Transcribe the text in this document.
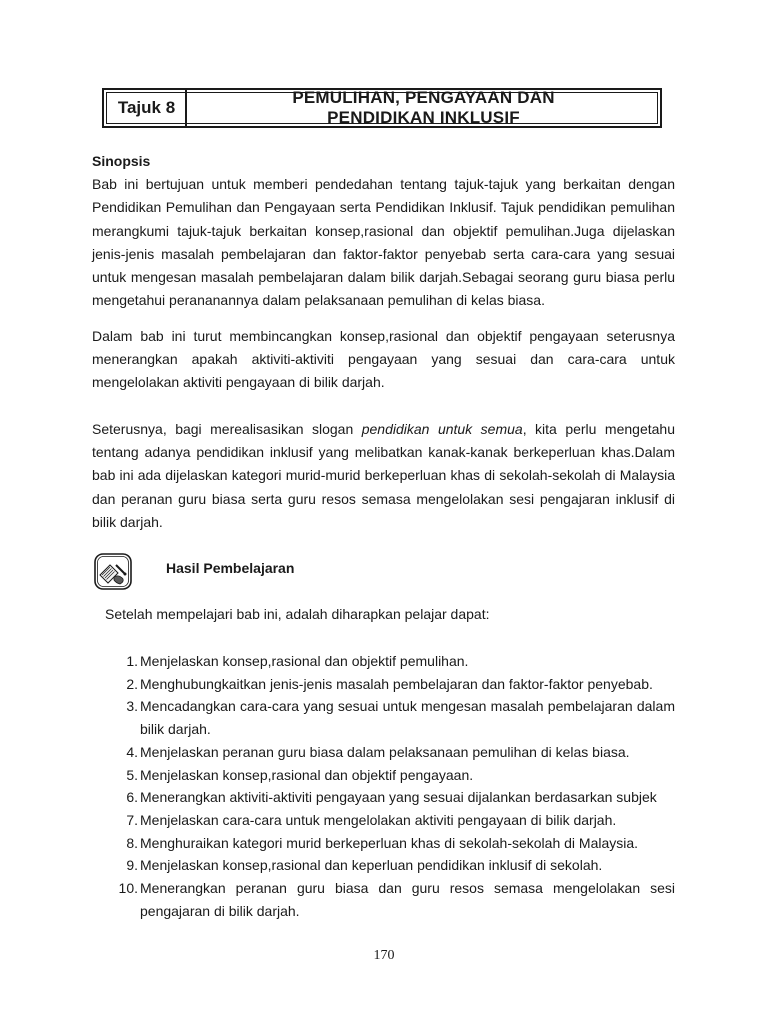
Tajuk 8
PEMULIHAN, PENGAYAAN DAN
PENDIDIKAN INKLUSIF
Sinopsis
Bab ini bertujuan untuk memberi pendedahan tentang tajuk-tajuk yang berkaitan dengan Pendidikan Pemulihan dan Pengayaan serta Pendidikan Inklusif. Tajuk pendidikan pemulihan merangkumi tajuk-tajuk berkaitan konsep,rasional dan objektif pemulihan.Juga dijelaskan jenis-jenis masalah pembelajaran dan faktor-faktor penyebab serta cara-cara yang sesuai untuk mengesan masalah pembelajaran dalam bilik darjah.Sebagai seorang guru biasa perlu mengetahui perananannya dalam pelaksanaan pemulihan di kelas biasa.
Dalam bab ini turut membincangkan konsep,rasional dan objektif pengayaan seterusnya menerangkan apakah aktiviti-aktiviti pengayaan yang sesuai dan cara-cara untuk mengelolakan aktiviti pengayaan di bilik darjah.
Seterusnya, bagi merealisasikan slogan pendidikan untuk semua, kita perlu mengetahu tentang adanya pendidikan inklusif yang melibatkan kanak-kanak berkeperluan khas.Dalam bab ini ada dijelaskan kategori murid-murid berkeperluan khas di sekolah-sekolah di Malaysia dan peranan guru biasa serta guru resos semasa mengelolakan sesi pengajaran inklusif di bilik darjah.
Hasil Pembelajaran
Setelah mempelajari bab ini, adalah diharapkan pelajar dapat:
1. Menjelaskan konsep,rasional dan objektif pemulihan.
2. Menghubungkaitkan jenis-jenis masalah pembelajaran dan faktor-faktor penyebab.
3. Mencadangkan cara-cara yang sesuai untuk mengesan masalah pembelajaran dalam bilik darjah.
4. Menjelaskan peranan guru biasa dalam pelaksanaan pemulihan di kelas biasa.
5. Menjelaskan konsep,rasional dan objektif pengayaan.
6. Menerangkan aktiviti-aktiviti pengayaan yang sesuai dijalankan berdasarkan subjek
7. Menjelaskan cara-cara untuk mengelolakan aktiviti pengayaan di bilik darjah.
8. Menghuraikan kategori murid berkeperluan khas di sekolah-sekolah di Malaysia.
9. Menjelaskan konsep,rasional dan keperluan pendidikan inklusif di sekolah.
10. Menerangkan peranan guru biasa dan guru resos semasa mengelolakan sesi pengajaran di bilik darjah.
170
